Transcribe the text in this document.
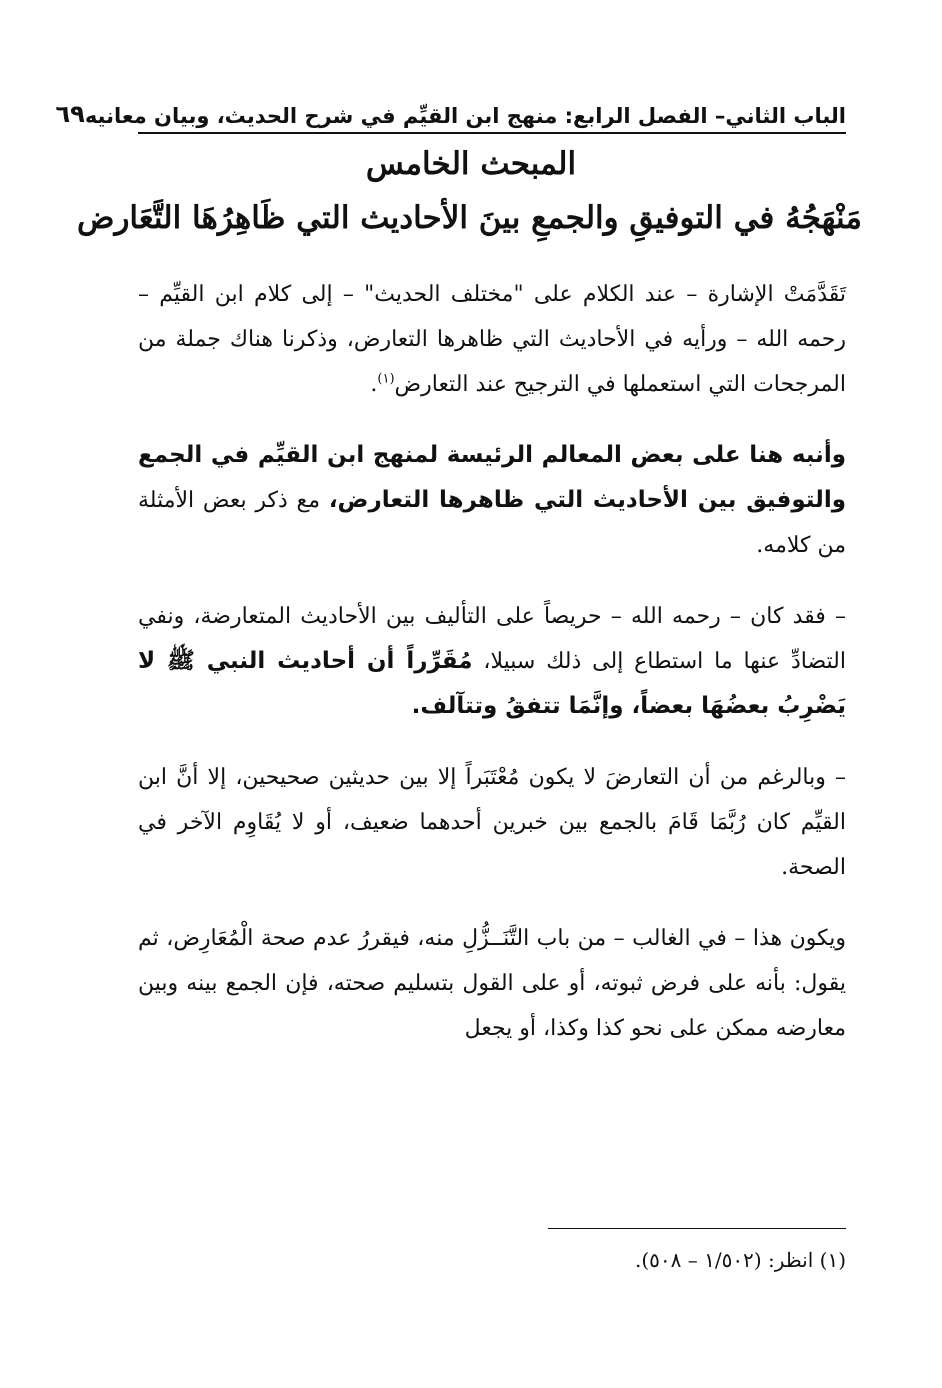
الباب الثاني– الفصل الرابع: منهج ابن القيِّم في شرح الحديث، وبيان معانيه
٦٩
المبحث الخامس
مَنْهَجُهُ في التوفيقِ والجمعِ بينَ الأحاديث التي ظَاهِرُهَا التَّعَارض

تَقَدَّمَتْ الإشارة – عند الكلام على "مختلف الحديث" – إلى كلام ابن القيِّم – رحمه الله – ورأيه في الأحاديث التي ظاهرها التعارض، وذكرنا هناك جملة من المرجحات التي استعملها في الترجيح عند التعارض$^{(١)}$.

وأنبه هنا على بعض المعالم الرئيسة لمنهج ابن القيِّم في الجمع والتوفيق بين الأحاديث التي ظاهرها التعارض، مع ذكر بعض الأمثلة من كلامه.

– فقد كان – رحمه الله – حريصاً على التأليف بين الأحاديث المتعارضة، ونفي التضادِّ عنها ما استطاع إلى ذلك سبيلا، مُقَرِّراً أن أحاديث النبي ﷺ لا يَضْرِبُ بعضُهَا بعضاً، وإنَّمَا تتفقُ وتتآلف.

– وبالرغم من أن التعارضَ لا يكون مُعْتَبَراً إلا بين حديثين صحيحين، إلا أنَّ ابن القيِّم كان رُبَّمَا قَامَ بالجمع بين خبرين أحدهما ضعيف، أو لا يُقَاوِم الآخر في الصحة.

ويكون هذا – في الغالب – من باب التَّنَــزُّلِ منه، فيقررُ عدم صحة الْمُعَارِض، ثم يقول: بأنه على فرض ثبوته، أو على القول بتسليم صحته، فإن الجمع بينه وبين معارضه ممكن على نحو كذا وكذا، أو يجعل

(١) انظر: (١/٥٠٢ – ٥٠٨).
